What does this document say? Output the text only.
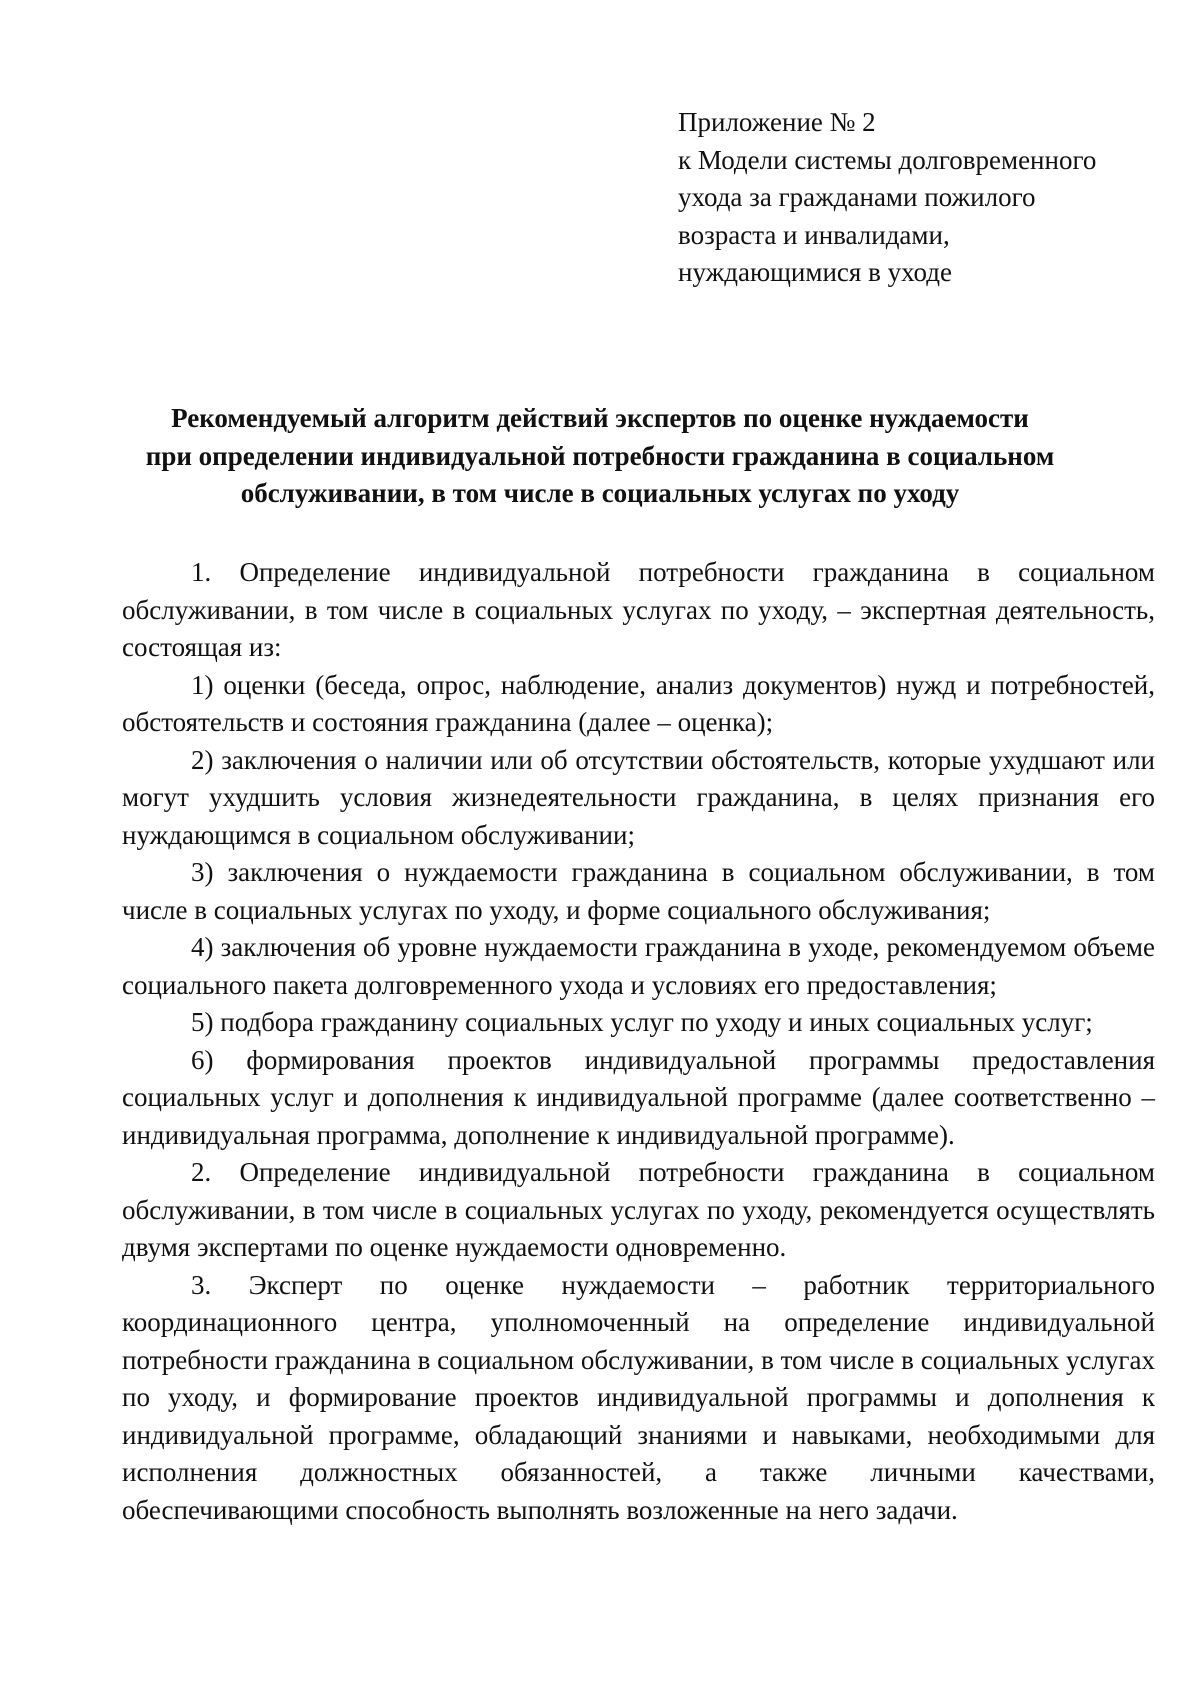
Приложение № 2
к Модели системы долговременного
ухода за гражданами пожилого
возраста и инвалидами,
нуждающимися в уходе
Рекомендуемый алгоритм действий экспертов по оценке нуждаемости
при определении индивидуальной потребности гражданина в социальном
обслуживании, в том числе в социальных услугах по уходу

1. Определение индивидуальной потребности гражданина в социальном обслуживании, в том числе в социальных услугах по уходу, – экспертная деятельность, состоящая из:

1) оценки (беседа, опрос, наблюдение, анализ документов) нужд и потребностей, обстоятельств и состояния гражданина (далее – оценка);

2) заключения о наличии или об отсутствии обстоятельств, которые ухудшают или могут ухудшить условия жизнедеятельности гражданина, в целях признания его нуждающимся в социальном обслуживании;

3) заключения о нуждаемости гражданина в социальном обслуживании, в том числе в социальных услугах по уходу, и форме социального обслуживания;

4) заключения об уровне нуждаемости гражданина в уходе, рекомендуемом объеме социального пакета долговременного ухода и условиях его предоставления;

5) подбора гражданину социальных услуг по уходу и иных социальных услуг;

6) формирования проектов индивидуальной программы предоставления социальных услуг и дополнения к индивидуальной программе (далее соответственно – индивидуальная программа, дополнение к индивидуальной программе).

2. Определение индивидуальной потребности гражданина в социальном обслуживании, в том числе в социальных услугах по уходу, рекомендуется осуществлять двумя экспертами по оценке нуждаемости одновременно.

3. Эксперт по оценке нуждаемости – работник территориального координационного центра, уполномоченный на определение индивидуальной потребности гражданина в социальном обслуживании, в том числе в социальных услугах по уходу, и формирование проектов индивидуальной программы и дополнения к индивидуальной программе, обладающий знаниями и навыками, необходимыми для исполнения должностных обязанностей, а также личными качествами, обеспечивающими способность выполнять возложенные на него задачи.
